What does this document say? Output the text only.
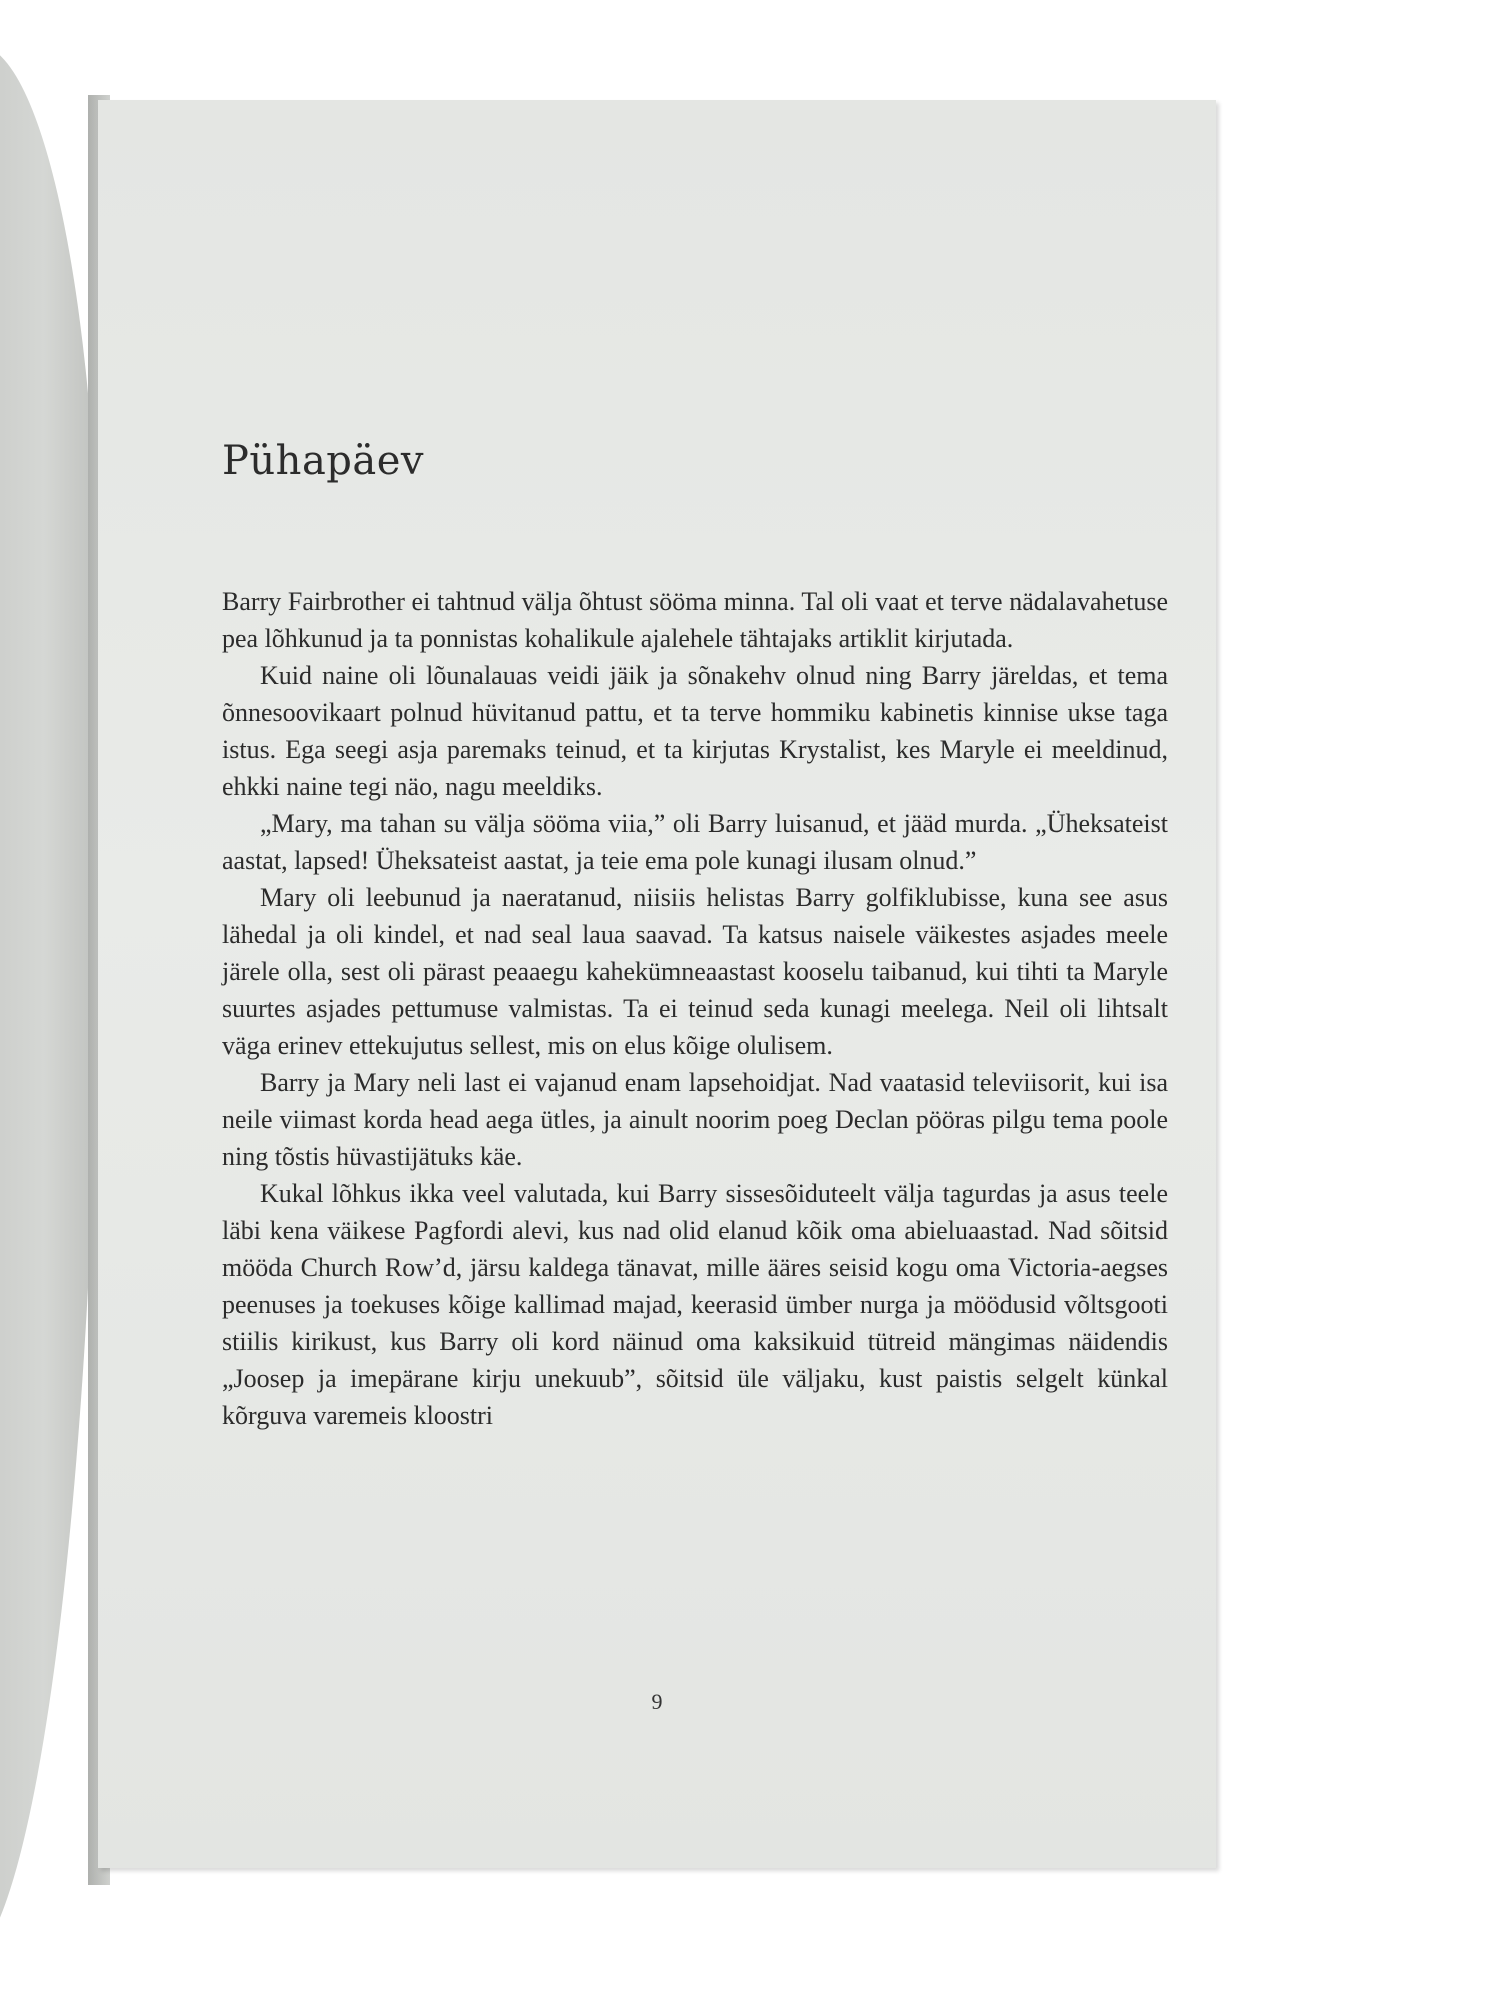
Pühapäev

Barry Fairbrother ei tahtnud välja õhtust sööma minna. Tal oli vaat et terve nädalavahetuse pea lõhkunud ja ta ponnistas kohalikule ajalehele tähtajaks artiklit kirjutada.

Kuid naine oli lõunalauas veidi jäik ja sõnakehv olnud ning Barry järeldas, et tema õnnesoovikaart polnud hüvitanud pattu, et ta terve hommiku kabinetis kinnise ukse taga istus. Ega seegi asja paremaks teinud, et ta kirjutas Krystalist, kes Maryle ei meeldinud, ehkki naine tegi näo, nagu meeldiks.

„Mary, ma tahan su välja sööma viia,” oli Barry luisanud, et jääd murda. „Üheksateist aastat, lapsed! Üheksateist aastat, ja teie ema pole kunagi ilusam olnud.”

Mary oli leebunud ja naeratanud, niisiis helistas Barry golfiklubisse, kuna see asus lähedal ja oli kindel, et nad seal laua saavad. Ta katsus naisele väikestes asjades meele järele olla, sest oli pärast peaaegu kahekümneaastast kooselu taibanud, kui tihti ta Maryle suurtes asjades pettumuse valmistas. Ta ei teinud seda kunagi meelega. Neil oli lihtsalt väga erinev ettekujutus sellest, mis on elus kõige olulisem.

Barry ja Mary neli last ei vajanud enam lapsehoidjat. Nad vaatasid televiisorit, kui isa neile viimast korda head aega ütles, ja ainult noorim poeg Declan pööras pilgu tema poole ning tõstis hüvastijätuks käe.

Kukal lõhkus ikka veel valutada, kui Barry sissesõiduteelt välja tagurdas ja asus teele läbi kena väikese Pagfordi alevi, kus nad olid elanud kõik oma abieluaastad. Nad sõitsid mööda Church Row’d, järsu kaldega tänavat, mille ääres seisid kogu oma Victoria-aegses peenuses ja toekuses kõige kallimad majad, keerasid ümber nurga ja möödusid võltsgooti stiilis kirikust, kus Barry oli kord näinud oma kaksikuid tütreid mängimas näidendis „Joosep ja imepärane kirju unekuub”, sõitsid üle väljaku, kust paistis selgelt künkal kõrguva varemeis kloostri

9
